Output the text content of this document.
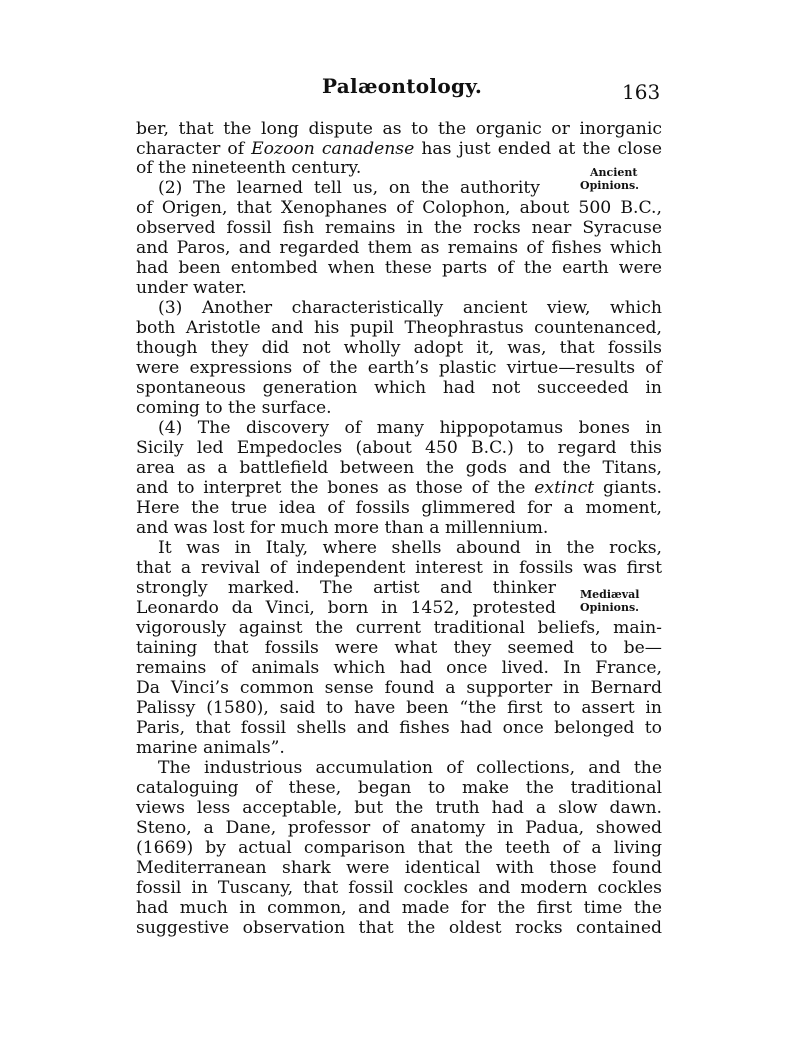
Palæontology.	163
Ancient
Opinions.
Mediæval
Opinions.
ber, that the long dispute as to the organic or inorganic
character of Eozoon canadense has just ended at the close
of the nineteenth century.
(2) The learned tell us, on the authority
of Origen, that Xenophanes of Colophon, about 500 B.C.,
observed fossil fish remains in the rocks near Syracuse
and Paros, and regarded them as remains of fishes which
had been entombed when these parts of the earth were
under water.
(3) Another characteristically ancient view, which
both Aristotle and his pupil Theophrastus countenanced,
though they did not wholly adopt it, was, that fossils
were expressions of the earth’s plastic virtue—results of
spontaneous generation which had not succeeded in
coming to the surface.
(4) The discovery of many hippopotamus bones in
Sicily led Empedocles (about 450 B.C.) to regard this
area as a battlefield between the gods and the Titans,
and to interpret the bones as those of the extinct giants.
Here the true idea of fossils glimmered for a moment,
and was lost for much more than a millennium.
It was in Italy, where shells abound in the rocks,
that a revival of independent interest in fossils was first
strongly marked. The artist and thinker
Leonardo da Vinci, born in 1452, protested
vigorously against the current traditional beliefs, main-
taining that fossils were what they seemed to be—
remains of animals which had once lived. In France,
Da Vinci’s common sense found a supporter in Bernard
Palissy (1580), said to have been “the first to assert in
Paris, that fossil shells and fishes had once belonged to
marine animals”.
The industrious accumulation of collections, and the
cataloguing of these, began to make the traditional
views less acceptable, but the truth had a slow dawn.
Steno, a Dane, professor of anatomy in Padua, showed
(1669) by actual comparison that the teeth of a living
Mediterranean shark were identical with those found
fossil in Tuscany, that fossil cockles and modern cockles
had much in common, and made for the first time the
suggestive observation that the oldest rocks contained
